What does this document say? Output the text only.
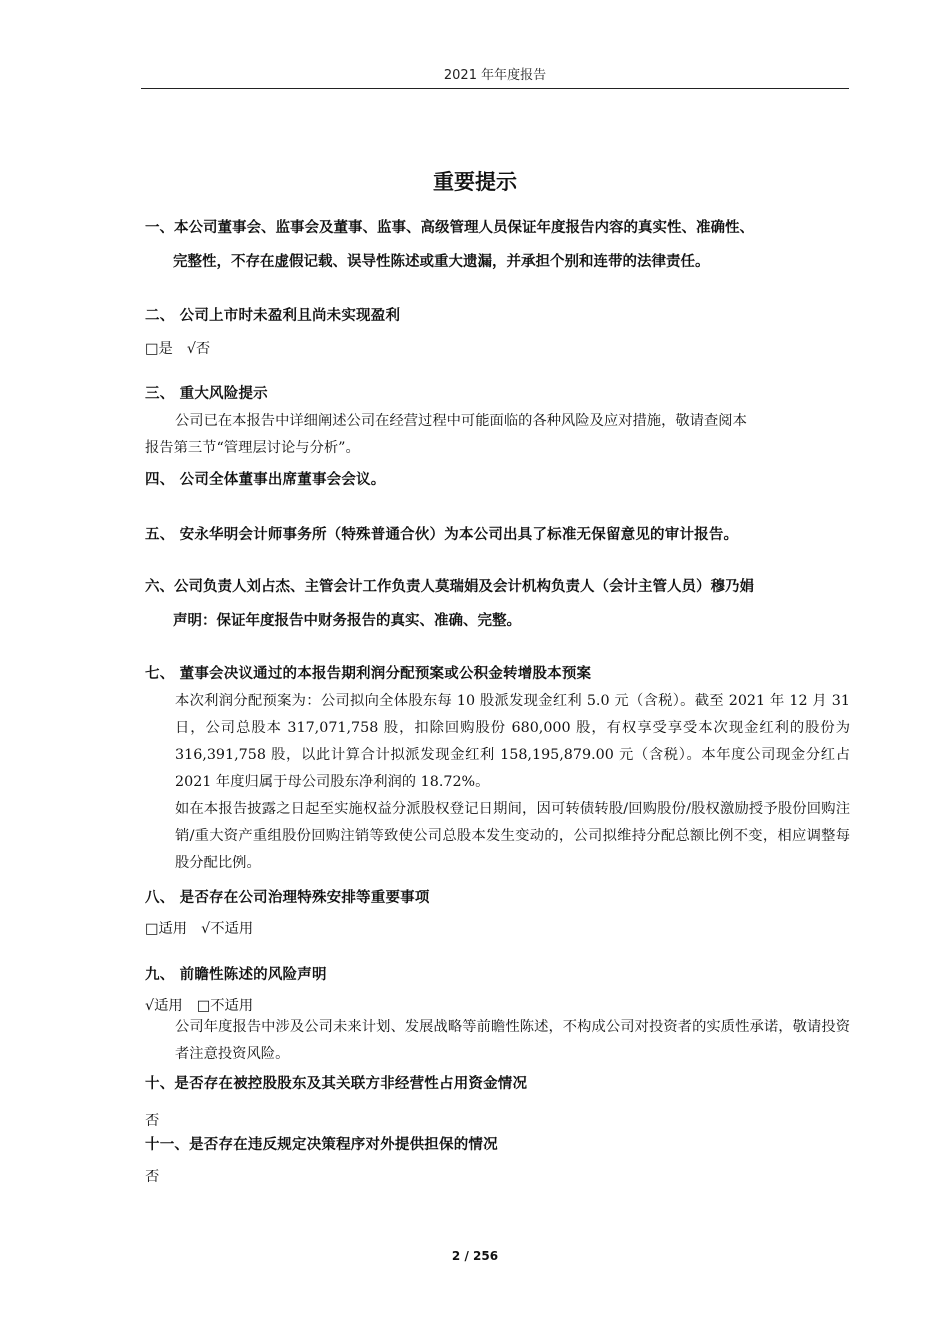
2021 年年度报告
重要提示
一、本公司董事会、监事会及董事、监事、高级管理人员保证年度报告内容的真实性、准确性、
完整性，不存在虚假记载、误导性陈述或重大遗漏，并承担个别和连带的法律责任。
二、 公司上市时未盈利且尚未实现盈利
□是 √否
三、 重大风险提示
公司已在本报告中详细阐述公司在经营过程中可能面临的各种风险及应对措施，敬请查阅本
报告第三节“管理层讨论与分析”。
四、 公司全体董事出席董事会会议。
五、 安永华明会计师事务所（特殊普通合伙）为本公司出具了标准无保留意见的审计报告。
六、公司负责人刘占杰、主管会计工作负责人莫瑞娟及会计机构负责人（会计主管人员）穆乃娟
声明：保证年度报告中财务报告的真实、准确、完整。
七、 董事会决议通过的本报告期利润分配预案或公积金转增股本预案
本次利润分配预案为：公司拟向全体股东每 10 股派发现金红利 5.0 元（含税）。截至 2021 年 12 月 31 日，公司总股本 317,071,758 股，扣除回购股份 680,000 股，有权享受享受本次现金红利的股份为 316,391,758 股，以此计算合计拟派发现金红利 158,195,879.00 元（含税）。本年度公司现金分红占 2021 年度归属于母公司股东净利润的 18.72%。
如在本报告披露之日起至实施权益分派股权登记日期间，因可转债转股/回购股份/股权激励授予股份回购注销/重大资产重组股份回购注销等致使公司总股本发生变动的，公司拟维持分配总额比例不变，相应调整每股分配比例。
八、 是否存在公司治理特殊安排等重要事项
□适用 √不适用
九、 前瞻性陈述的风险声明
√适用 □不适用
公司年度报告中涉及公司未来计划、发展战略等前瞻性陈述，不构成公司对投资者的实质性承诺，敬请投资者注意投资风险。
十、是否存在被控股股东及其关联方非经营性占用资金情况
否
十一、是否存在违反规定决策程序对外提供担保的情况
否
2 / 256
